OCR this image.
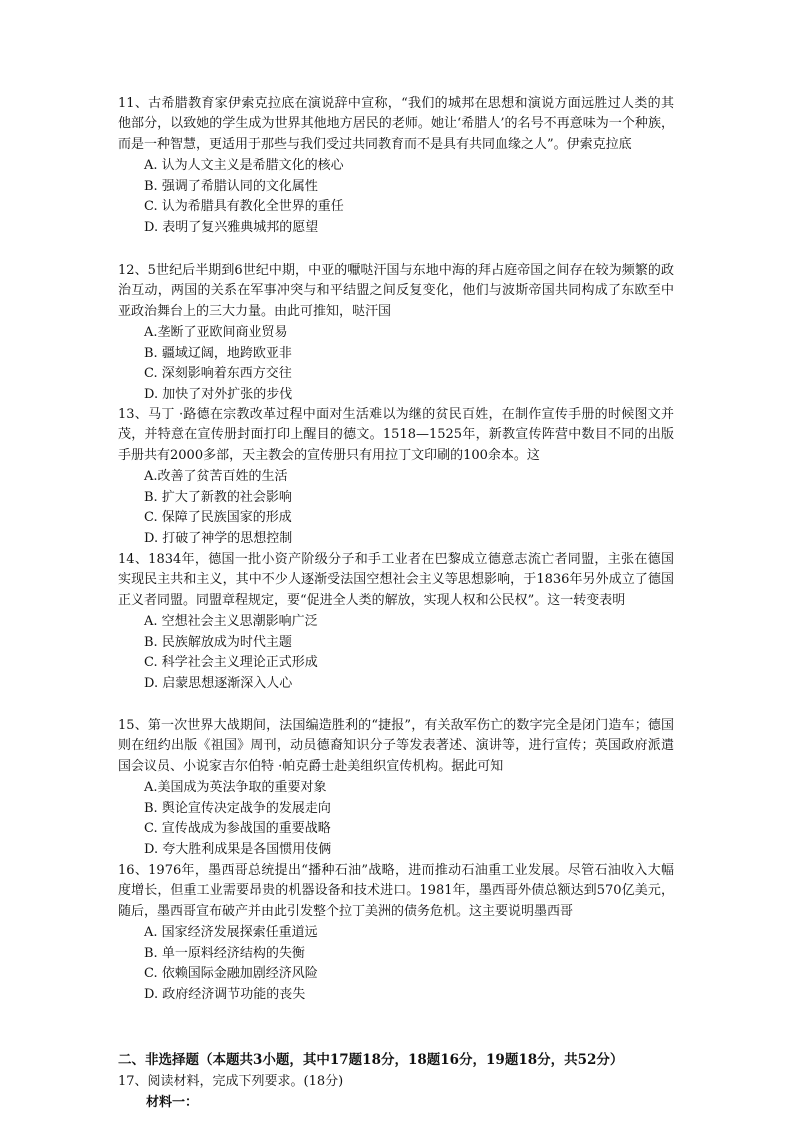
11、古希腊教育家伊索克拉底在演说辞中宣称，“我们的城邦在思想和演说方面远胜过人类的其他部分，以致她的学生成为世界其他地方居民的老师。她让‘希腊人’的名号不再意味为一个种族，而是一种智慧，更适用于那些与我们受过共同教育而不是具有共同血缘之人”。伊索克拉底

A. 认为人文主义是希腊文化的核心
B. 强调了希腊认同的文化属性
C. 认为希腊具有教化全世界的重任
D. 表明了复兴雅典城邦的愿望

12、5世纪后半期到6世纪中期，中亚的嚈哒汗国与东地中海的拜占庭帝国之间存在较为频繁的政治互动，两国的关系在军事冲突与和平结盟之间反复变化，他们与波斯帝国共同构成了东欧至中亚政治舞台上的三大力量。由此可推知，哒汗国

A.垄断了亚欧间商业贸易
B. 疆域辽阔，地跨欧亚非
C. 深刻影响着东西方交往
D. 加快了对外扩张的步伐

13、马丁 ·路德在宗教改革过程中面对生活难以为继的贫民百姓，在制作宣传手册的时候图文并茂，并特意在宣传册封面打印上醒目的德文。1518—1525年，新教宣传阵营中数目不同的出版手册共有2000多部，天主教会的宣传册只有用拉丁文印刷的100余本。这

A.改善了贫苦百姓的生活
B. 扩大了新教的社会影响
C. 保障了民族国家的形成
D. 打破了神学的思想控制

14、1834年，德国一批小资产阶级分子和手工业者在巴黎成立德意志流亡者同盟，主张在德国实现民主共和主义，其中不少人逐渐受法国空想社会主义等思想影响，于1836年另外成立了德国正义者同盟。同盟章程规定，要“促进全人类的解放，实现人权和公民权”。这一转变表明

A. 空想社会主义思潮影响广泛
B. 民族解放成为时代主题
C. 科学社会主义理论正式形成
D. 启蒙思想逐渐深入人心

15、第一次世界大战期间，法国编造胜利的“捷报”，有关敌军伤亡的数字完全是闭门造车；德国则在纽约出版《祖国》周刊，动员德裔知识分子等发表著述、演讲等，进行宣传；英国政府派遣国会议员、小说家吉尔伯特 ·帕克爵士赴美组织宣传机构。据此可知

A.美国成为英法争取的重要对象
B. 舆论宣传决定战争的发展走向
C. 宣传战成为参战国的重要战略
D. 夸大胜利成果是各国惯用伎俩

16、1976年，墨西哥总统提出“播种石油”战略，进而推动石油重工业发展。尽管石油收入大幅度增长，但重工业需要昂贵的机器设备和技术进口。1981年，墨西哥外债总额达到570亿美元，随后，墨西哥宣布破产并由此引发整个拉丁美洲的债务危机。这主要说明墨西哥

A. 国家经济发展探索任重道远
B. 单一原料经济结构的失衡
C. 依赖国际金融加剧经济风险
D. 政府经济调节功能的丧失

二、非选择题（本题共3小题，其中17题18分，18题16分，19题18分，共52分）

17、阅读材料，完成下列要求。(18分)

材料一：
